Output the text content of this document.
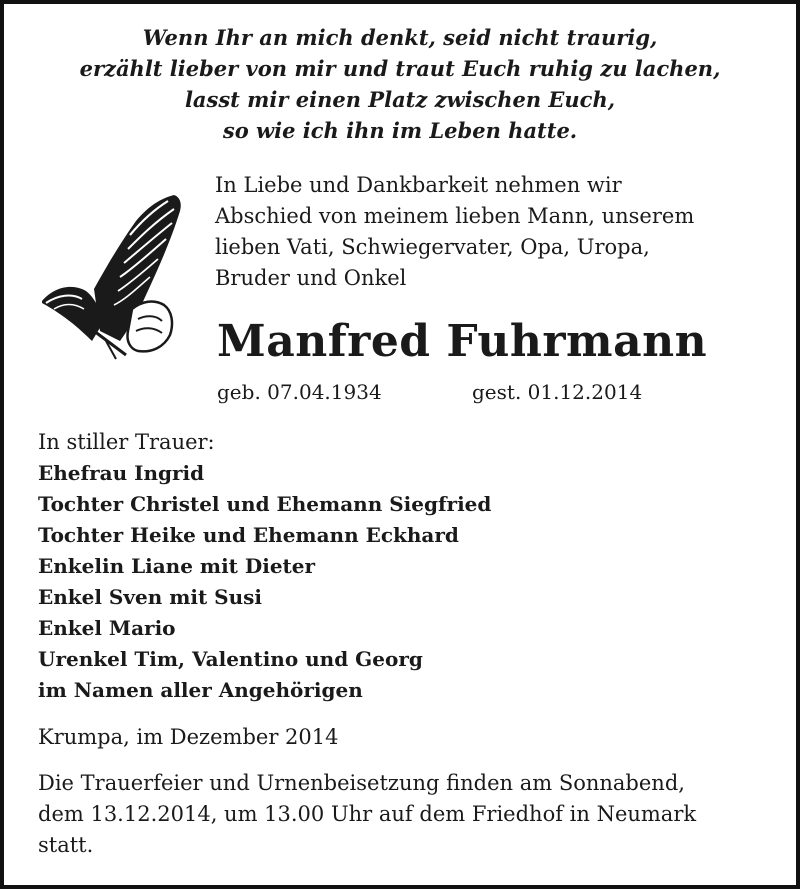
Wenn Ihr an mich denkt, seid nicht traurig,
erzählt lieber von mir und traut Euch ruhig zu lachen,
lasst mir einen Platz zwischen Euch,
so wie ich ihn im Leben hatte.
In Liebe und Dankbarkeit nehmen wir
Abschied von meinem lieben Mann, unserem
lieben Vati, Schwiegervater, Opa, Uropa,
Bruder und Onkel
Manfred Fuhrmann
geb. 07.04.1934	gest. 01.12.2014
In stiller Trauer:
Ehefrau Ingrid
Tochter Christel und Ehemann Siegfried
Tochter Heike und Ehemann Eckhard
Enkelin Liane mit Dieter
Enkel Sven mit Susi
Enkel Mario
Urenkel Tim, Valentino und Georg
im Namen aller Angehörigen
Krumpa, im Dezember 2014
Die Trauerfeier und Urnenbeisetzung finden am Sonnabend,
dem 13.12.2014, um 13.00 Uhr auf dem Friedhof in Neumark
statt.
